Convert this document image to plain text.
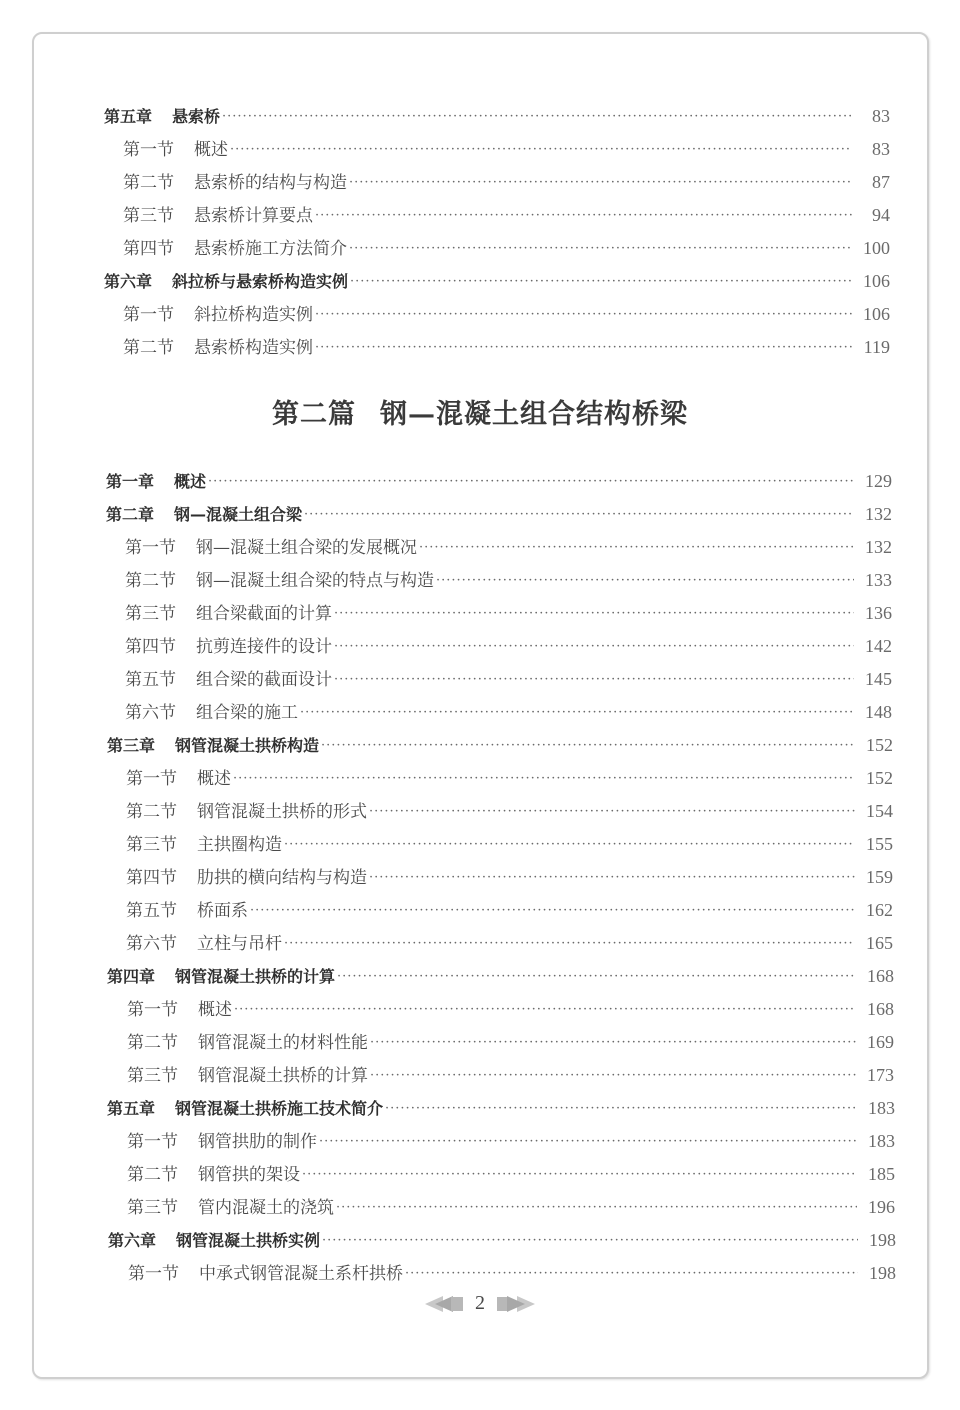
第五章	悬索桥 ·····	83
第一节	概述 ·····	83
第二节	悬索桥的结构与构造 ·····	87
第三节	悬索桥计算要点 ·····	94
第四节	悬索桥施工方法简介 ·····	100
第六章	斜拉桥与悬索桥构造实例 ·····	106
第一节	斜拉桥构造实例 ·····	106
第二节	悬索桥构造实例 ·····	119
第二篇 钢—混凝土组合结构桥梁
第一章	概述 ·····	129
第二章	钢—混凝土组合梁 ·····	132
第一节	钢—混凝土组合梁的发展概况 ·····	132
第二节	钢—混凝土组合梁的特点与构造 ·····	133
第三节	组合梁截面的计算 ·····	136
第四节	抗剪连接件的设计 ·····	142
第五节	组合梁的截面设计 ·····	145
第六节	组合梁的施工 ·····	148
第三章	钢管混凝土拱桥构造 ·····	152
第一节	概述 ·····	152
第二节	钢管混凝土拱桥的形式 ·····	154
第三节	主拱圈构造 ·····	155
第四节	肋拱的横向结构与构造 ·····	159
第五节	桥面系 ·····	162
第六节	立柱与吊杆 ·····	165
第四章	钢管混凝土拱桥的计算 ·····	168
第一节	概述 ·····	168
第二节	钢管混凝土的材料性能 ·····	169
第三节	钢管混凝土拱桥的计算 ·····	173
第五章	钢管混凝土拱桥施工技术简介 ·····	183
第一节	钢管拱肋的制作 ·····	183
第二节	钢管拱的架设 ·····	185
第三节	管内混凝土的浇筑 ·····	196
第六章	钢管混凝土拱桥实例 ·····	198
第一节	中承式钢管混凝土系杆拱桥 ·····	198
2
